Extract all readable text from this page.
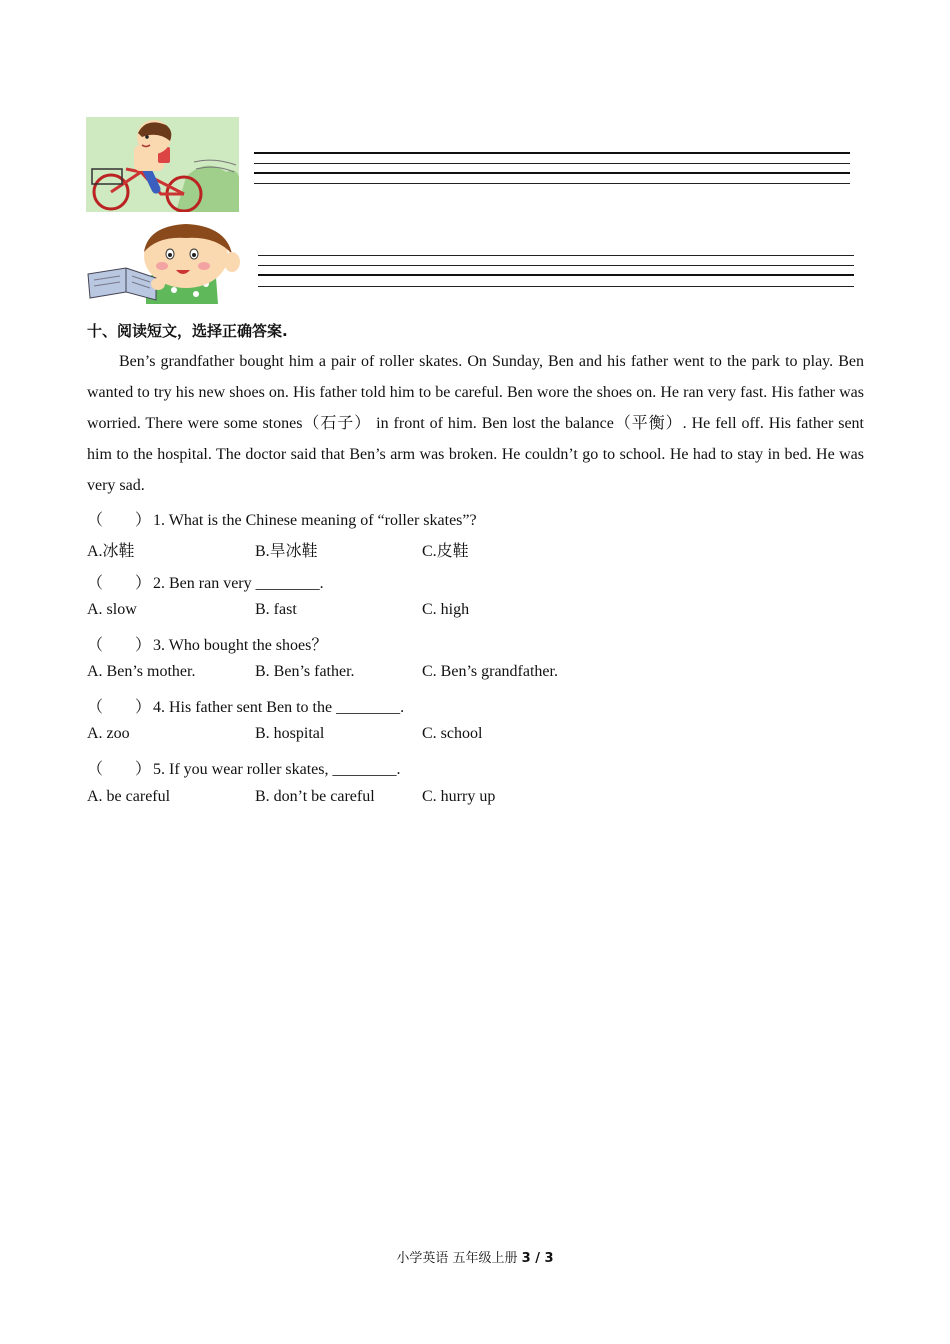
十、阅读短文，选择正确答案.
Ben’s grandfather bought him a pair of roller skates. On Sunday, Ben and his father went to the park to play. Ben wanted to try his new shoes on. His father told him to be careful. Ben wore the shoes on. He ran very fast. His father was worried. There were some stones（石子） in front of him. Ben lost the balance（平衡）. He fell off. His father sent him to the hospital. The doctor said that Ben’s arm was broken. He couldn’t go to school. He had to stay in bed. He was very sad.
（　　） 1. What is the Chinese meaning of “roller skates”?
A.冰鞋	B.旱冰鞋	C.皮鞋
（　　） 2. Ben ran very ________.
A. slow	B. fast	C. high
（　　） 3. Who bought the shoes？
A. Ben’s mother.	B. Ben’s father.	C. Ben’s grandfather.
（　　） 4. His father sent Ben to the ________.
A. zoo	B. hospital	C. school
（　　） 5. If you wear roller skates, ________.
A. be careful	B. don’t be careful	C. hurry up
小学英语 五年级上册 3 / 3
